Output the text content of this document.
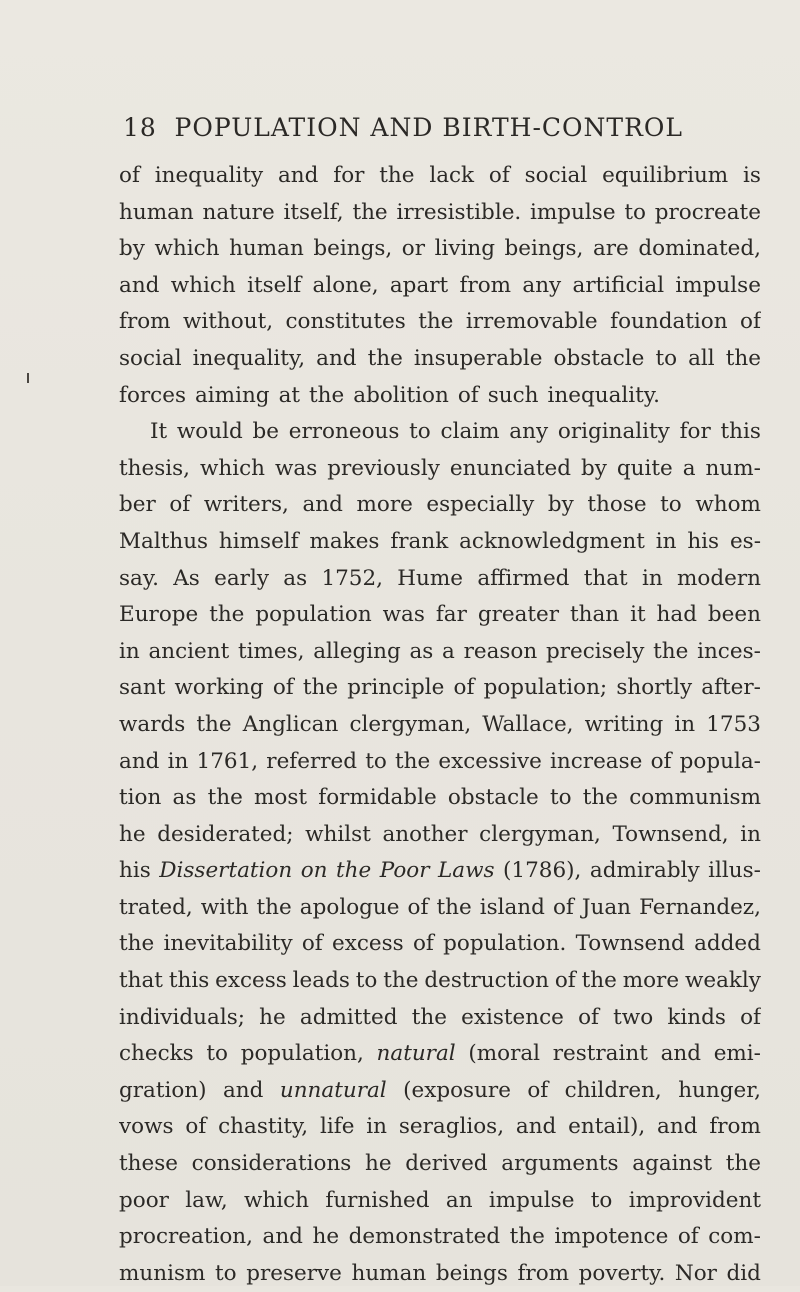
18 POPULATION AND BIRTH-CONTROL
of inequality and for the lack of social equilibrium is
human nature itself, the irresistible. impulse to procreate
by which human beings, or living beings, are dominated,
and which itself alone, apart from any artificial impulse
from without, constitutes the irremovable foundation of
social inequality, and the insuperable obstacle to all the
forces aiming at the abolition of such inequality.
It would be erroneous to claim any originality for this
thesis, which was previously enunciated by quite a num-
ber of writers, and more especially by those to whom
Malthus himself makes frank acknowledgment in his es-
say. As early as 1752, Hume affirmed that in modern
Europe the population was far greater than it had been
in ancient times, alleging as a reason precisely the inces-
sant working of the principle of population; shortly after-
wards the Anglican clergyman, Wallace, writing in 1753
and in 1761, referred to the excessive increase of popula-
tion as the most formidable obstacle to the communism
he desiderated; whilst another clergyman, Townsend, in
his Dissertation on the Poor Laws (1786), admirably illus-
trated, with the apologue of the island of Juan Fernandez,
the inevitability of excess of population. Townsend added
that this excess leads to the destruction of the more weakly
individuals; he admitted the existence of two kinds of
checks to population, natural (moral restraint and emi-
gration) and unnatural (exposure of children, hunger,
vows of chastity, life in seraglios, and entail), and from
these considerations he derived arguments against the
poor law, which furnished an impulse to improvident
procreation, and he demonstrated the impotence of com-
munism to preserve human beings from poverty. Nor did
